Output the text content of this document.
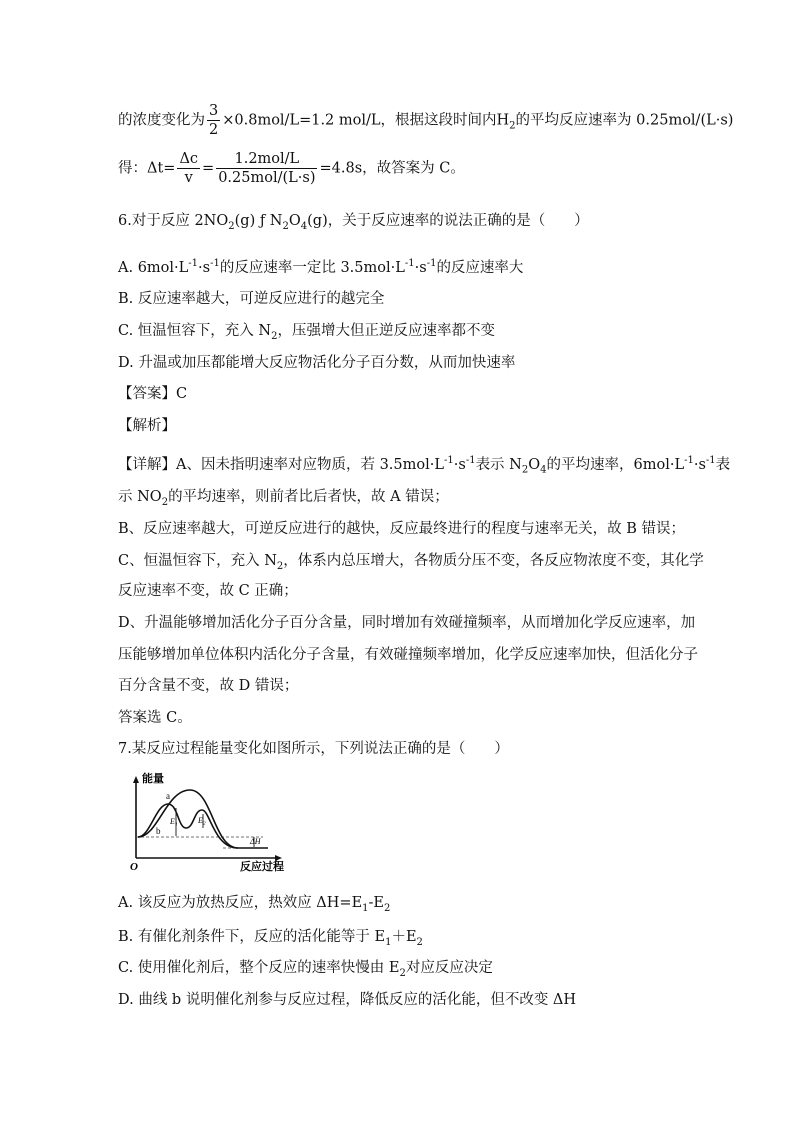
的浓度变化为 $\frac{3}{2} \times 0.8mol/L=1.2$ mol/L，根据这段时间内$H_2$的平均反应速率为 0.25mol/(L·s)
得：$\Delta t= \frac{\Delta c}{v} = \frac{\text{1.2mol/L}}{\text{0.25mol/(L·s)}} =4.8s$，故答案为 C。
6.对于反应 $2NO_2(g)$ ƒ $N_2O_4(g)$，关于反应速率的说法正确的是（　　）
A. $6mol\cdot L^{-1}\cdot s^{-1}$的反应速率一定比 $3.5mol\cdot L^{-1}\cdot s^{-1}$的反应速率大
B. 反应速率越大，可逆反应进行的越完全
C. 恒温恒容下，充入 $N_2$，压强增大但正逆反应速率都不变
D. 升温或加压都能增大反应物活化分子百分数，从而加快速率
【答案】C
【解析】
【详解】A、因未指明速率对应物质，若 $3.5mol\cdot L^{-1}\cdot s^{-1}$表示 $N_2O_4$的平均速率，$6mol\cdot L^{-1}\cdot s^{-1}$表
示 $NO_2$的平均速率，则前者比后者快，故 A 错误；
B、反应速率越大，可逆反应进行的越快，反应最终进行的程度与速率无关，故 B 错误；
C、恒温恒容下，充入 $N_2$，体系内总压增大，各物质分压不变，各反应物浓度不变，其化学
反应速率不变，故 C 正确；
D、升温能够增加活化分子百分含量，同时增加有效碰撞频率，从而增加化学反应速率，加
压能够增加单位体积内活化分子含量，有效碰撞频率增加，化学反应速率加快，但活化分子
百分含量不变，故 D 错误；
答案选 C。
7.某反应过程能量变化如图所示，下列说法正确的是（　　）
能量
O	反应过程
a
b
E₁	E₂
ΔH
A. 该反应为放热反应，热效应 $\Delta H=E_1-E_2$
B. 有催化剂条件下，反应的活化能等于 $E_1+E_2$
C. 使用催化剂后，整个反应的速率快慢由 $E_2$对应反应决定
D. 曲线 b 说明催化剂参与反应过程，降低反应的活化能，但不改变 ΔH
